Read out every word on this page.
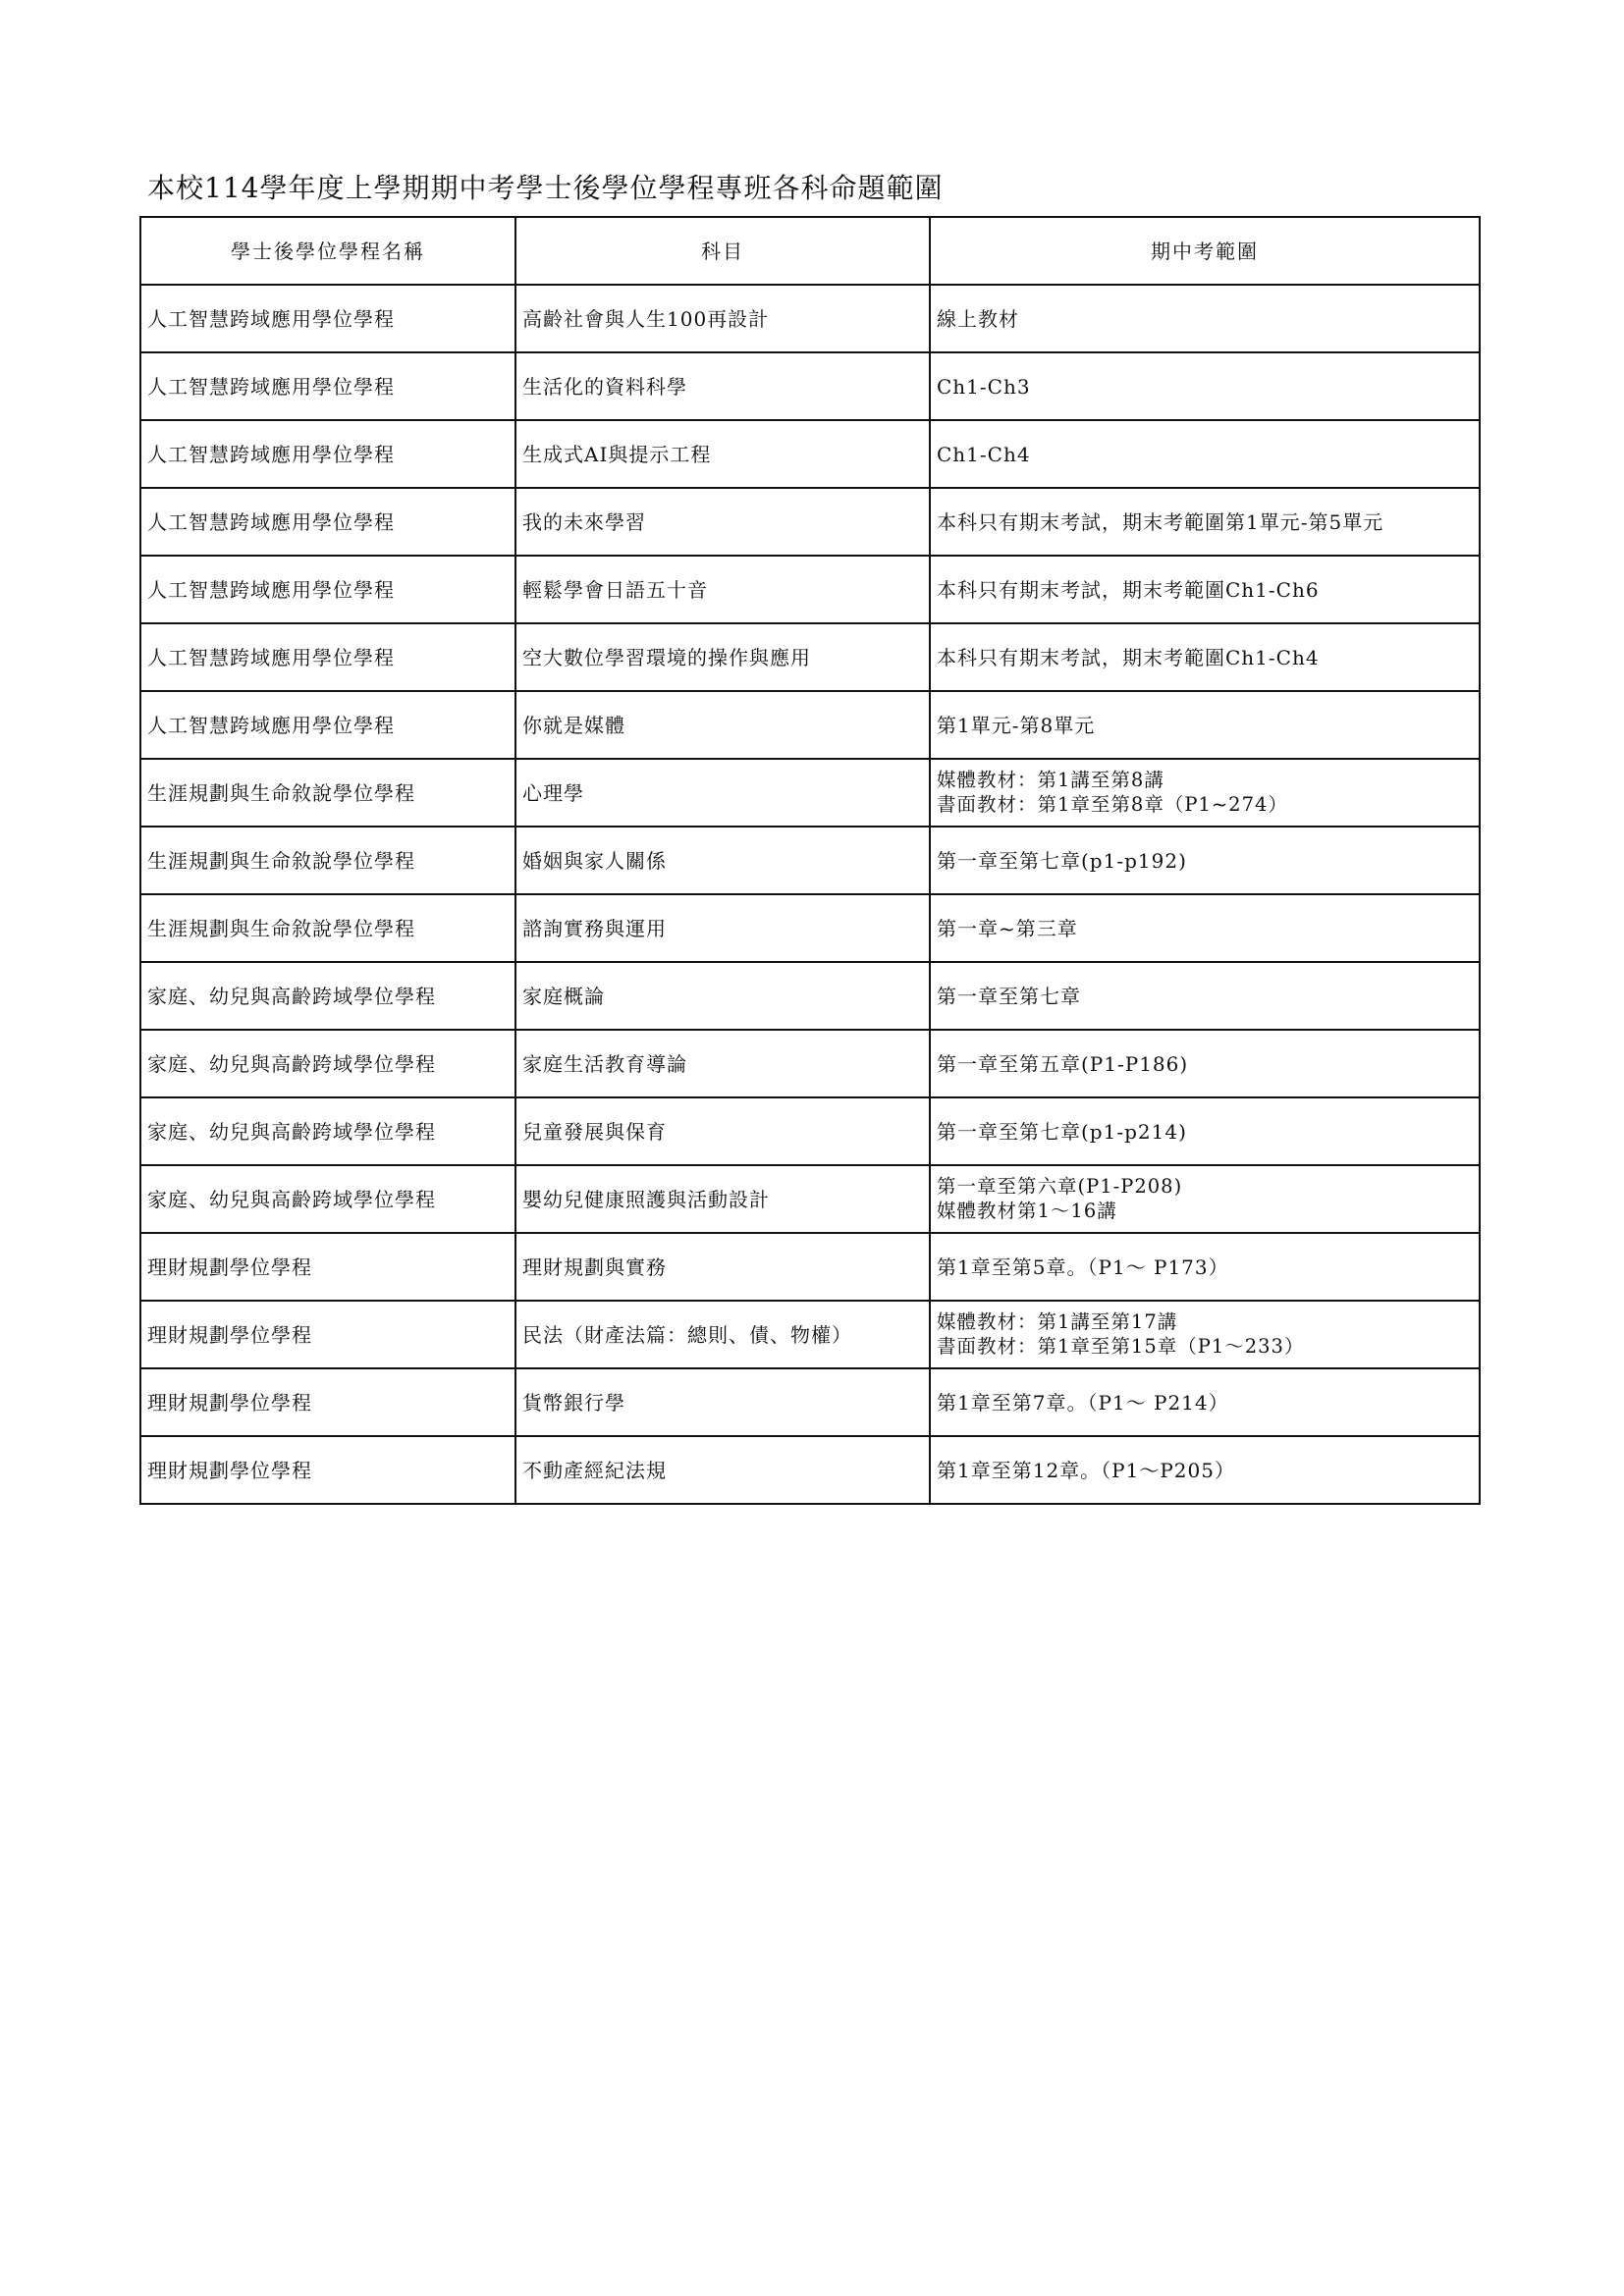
本校114學年度上學期期中考學士後學位學程專班各科命題範圍
學士後學位學程名稱	科目	期中考範圍
人工智慧跨域應用學位學程	高齡社會與人生100再設計	線上教材
人工智慧跨域應用學位學程	生活化的資料科學	Ch1-Ch3
人工智慧跨域應用學位學程	生成式AI與提示工程	Ch1-Ch4
人工智慧跨域應用學位學程	我的未來學習	本科只有期末考試，期末考範圍第1單元-第5單元
人工智慧跨域應用學位學程	輕鬆學會日語五十音	本科只有期末考試，期末考範圍Ch1-Ch6
人工智慧跨域應用學位學程	空大數位學習環境的操作與應用	本科只有期末考試，期末考範圍Ch1-Ch4
人工智慧跨域應用學位學程	你就是媒體	第1單元-第8單元
生涯規劃與生命敘說學位學程	心理學	媒體教材：第1講至第8講
書面教材：第1章至第8章（P1~274）
生涯規劃與生命敘說學位學程	婚姻與家人關係	第一章至第七章(p1-p192)
生涯規劃與生命敘說學位學程	諮詢實務與運用	第一章~第三章
家庭、幼兒與高齡跨域學位學程	家庭概論	第一章至第七章
家庭、幼兒與高齡跨域學位學程	家庭生活教育導論	第一章至第五章(P1-P186)
家庭、幼兒與高齡跨域學位學程	兒童發展與保育	第一章至第七章(p1-p214)
家庭、幼兒與高齡跨域學位學程	嬰幼兒健康照護與活動設計	第一章至第六章(P1-P208)
媒體教材第1～16講
理財規劃學位學程	理財規劃與實務	第1章至第5章。（P1～ P173）
理財規劃學位學程	民法（財產法篇：總則、債、物權）	媒體教材：第1講至第17講
書面教材：第1章至第15章（P1～233）
理財規劃學位學程	貨幣銀行學	第1章至第7章。（P1～ P214）
理財規劃學位學程	不動產經紀法規	第1章至第12章。（P1～P205）
